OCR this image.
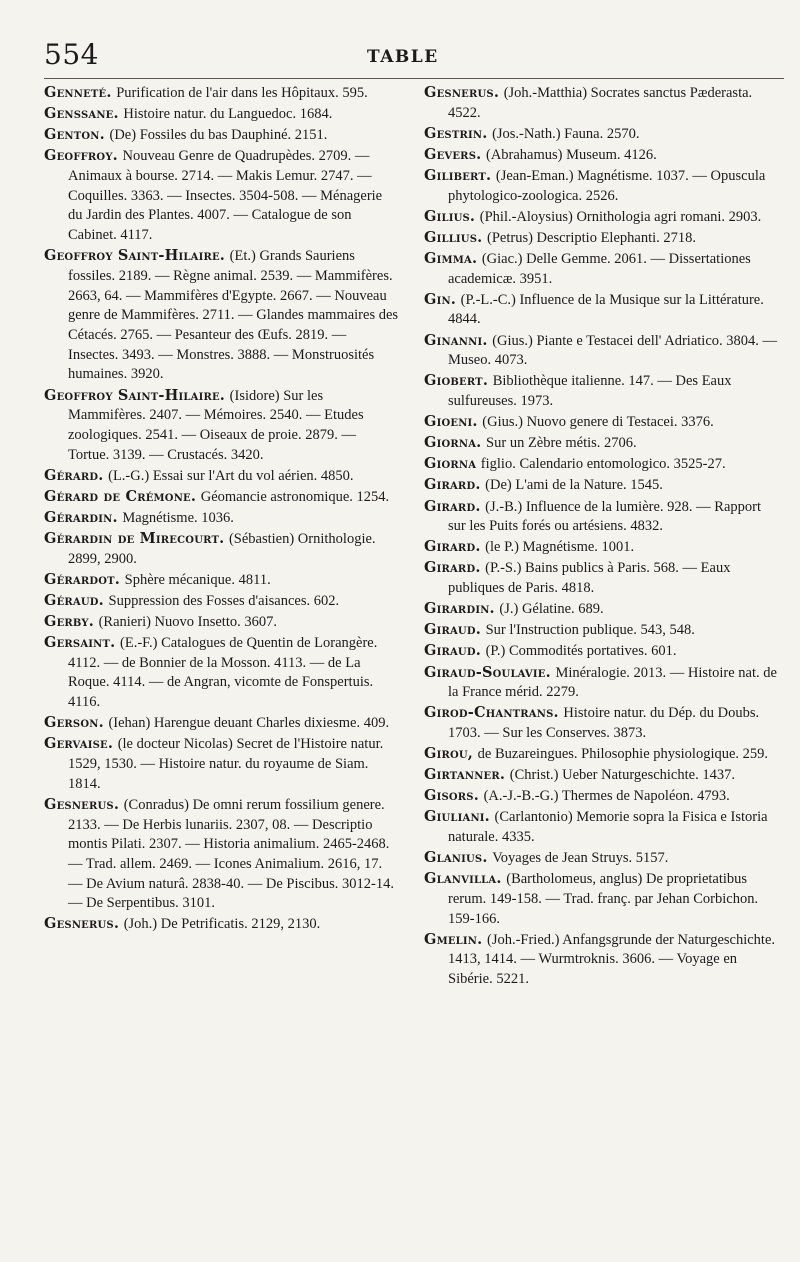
554	TABLE
Genneté. Purification de l'air dans les Hôpitaux. 595.
Genssane. Histoire natur. du Languedoc. 1684.
Genton. (De) Fossiles du bas Dauphiné. 2151.
Geoffroy. Nouveau Genre de Quadrupèdes. 2709. — Animaux à bourse. 2714. — Makis Lemur. 2747. — Coquilles. 3363. — Insectes. 3504-508. — Ménagerie du Jardin des Plantes. 4007. — Catalogue de son Cabinet. 4117.
Geoffroy Saint-Hilaire. (Et.) Grands Sauriens fossiles. 2189. — Règne animal. 2539. — Mammifères. 2663, 64. — Mammifères d'Egypte. 2667. — Nouveau genre de Mammifères. 2711. — Glandes mammaires des Cétacés. 2765. — Pesanteur des Œufs. 2819. — Insectes. 3493. — Monstres. 3888. — Monstruosités humaines. 3920.
Geoffroy Saint-Hilaire. (Isidore) Sur les Mammifères. 2407. — Mémoires. 2540. — Etudes zoologiques. 2541. — Oiseaux de proie. 2879. — Tortue. 3139. — Crustacés. 3420.
Gérard. (L.-G.) Essai sur l'Art du vol aérien. 4850.
Gérard de Crémone. Géomancie astronomique. 1254.
Gérardin. Magnétisme. 1036.
Gérardin de Mirecourt. (Sébastien) Ornithologie. 2899, 2900.
Gérardot. Sphère mécanique. 4811.
Géraud. Suppression des Fosses d'aisances. 602.
Gerby. (Ranieri) Nuovo Insetto. 3607.
Gersaint. (E.-F.) Catalogues de Quentin de Lorangère. 4112. — de Bonnier de la Mosson. 4113. — de La Roque. 4114. — de Angran, vicomte de Fonspertuis. 4116.
Gerson. (Iehan) Harengue deuant Charles dixiesme. 409.
Gervaise. (le docteur Nicolas) Secret de l'Histoire natur. 1529, 1530. — Histoire natur. du royaume de Siam. 1814.
Gesnerus. (Conradus) De omni rerum fossilium genere. 2133. — De Herbis lunariis. 2307, 08. — Descriptio montis Pilati. 2307. — Historia animalium. 2465-2468. — Trad. allem. 2469. — Icones Animalium. 2616, 17. — De Avium naturâ. 2838-40. — De Piscibus. 3012-14. — De Serpentibus. 3101.
Gesnerus. (Joh.) De Petrificatis. 2129, 2130.
Gesnerus. (Joh.-Matthia) Socrates sanctus Pæderasta. 4522.
Gestrin. (Jos.-Nath.) Fauna. 2570.
Gevers. (Abrahamus) Museum. 4126.
Gilibert. (Jean-Eman.) Magnétisme. 1037. — Opuscula phytologico-zoologica. 2526.
Gilius. (Phil.-Aloysius) Ornithologia agri romani. 2903.
Gillius. (Petrus) Descriptio Elephanti. 2718.
Gimma. (Giac.) Delle Gemme. 2061. — Dissertationes academicæ. 3951.
Gin. (P.-L.-C.) Influence de la Musique sur la Littérature. 4844.
Ginanni. (Gius.) Piante e Testacei dell' Adriatico. 3804. — Museo. 4073.
Giobert. Bibliothèque italienne. 147. — Des Eaux sulfureuses. 1973.
Gioeni. (Gius.) Nuovo genere di Testacei. 3376.
Giorna. Sur un Zèbre métis. 2706.
Giorna figlio. Calendario entomologico. 3525-27.
Girard. (De) L'ami de la Nature. 1545.
Girard. (J.-B.) Influence de la lumière. 928. — Rapport sur les Puits forés ou artésiens. 4832.
Girard. (le P.) Magnétisme. 1001.
Girard. (P.-S.) Bains publics à Paris. 568. — Eaux publiques de Paris. 4818.
Girardin. (J.) Gélatine. 689.
Giraud. Sur l'Instruction publique. 543, 548.
Giraud. (P.) Commodités portatives. 601.
Giraud-Soulavie. Minéralogie. 2013. — Histoire nat. de la France mérid. 2279.
Girod-Chantrans. Histoire natur. du Dép. du Doubs. 1703. — Sur les Conserves. 3873.
Girou, de Buzareingues. Philosophie physiologique. 259.
Girtanner. (Christ.) Ueber Naturgeschichte. 1437.
Gisors. (A.-J.-B.-G.) Thermes de Napoléon. 4793.
Giuliani. (Carlantonio) Memorie sopra la Fisica e Istoria naturale. 4335.
Glanius. Voyages de Jean Struys. 5157.
Glanvilla. (Bartholomeus, anglus) De proprietatibus rerum. 149-158. — Trad. franç. par Jehan Corbichon. 159-166.
Gmelin. (Joh.-Fried.) Anfangsgrunde der Naturgeschichte. 1413, 1414. — Wurmtroknis. 3606. — Voyage en Sibérie. 5221.
